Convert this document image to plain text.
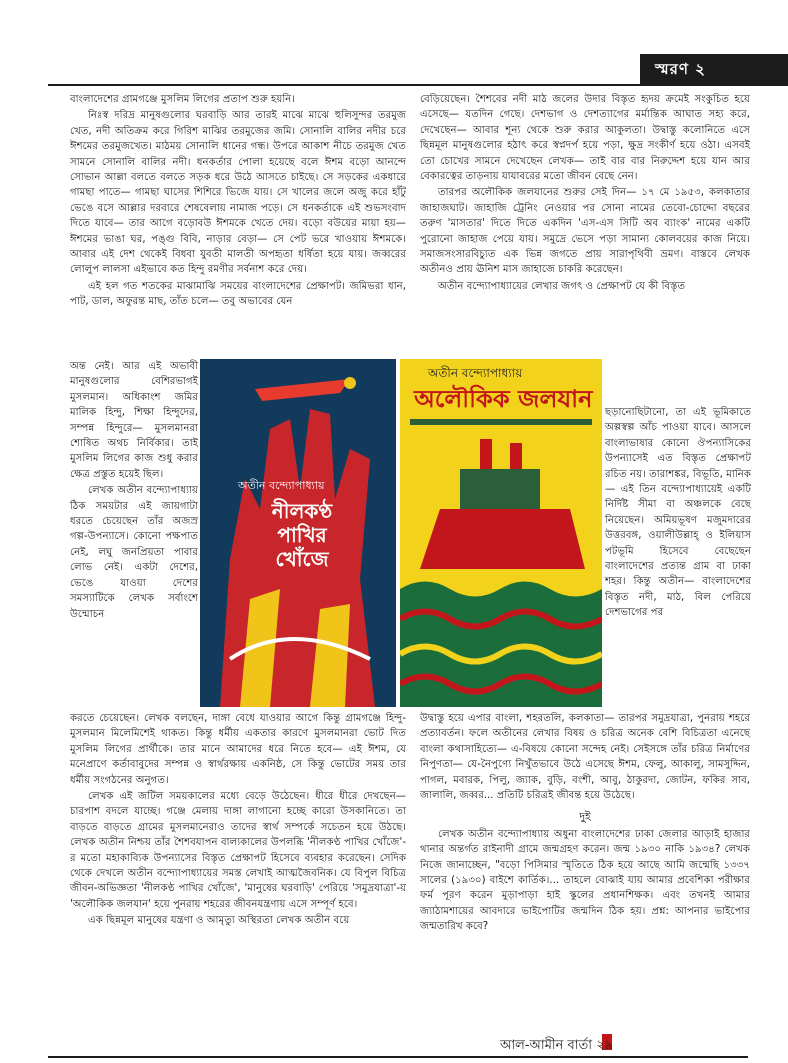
স্মরণ ২

বাংলাদেশের গ্রামগঞ্জে মুসলিম লিগের প্রতাপ শুরু হয়নি।

নিঃস্ব দরিদ্র মানুষগুলোর ঘরবাড়ি আর তারই মাঝে মাঝে হুলিসুন্দর তরমুজ খেত, নদী অতিক্রম করে গিরিশ মাঝির তরমুজের জমি। সোনালি বালির নদীর চরে ঈশমের তরমুজখেত। মাঠময় সোনালি ধানের গন্ধ। উপরে আকাশ নীচে তরমুজ খেত সামনে সোনালি বালির নদী। ধনকর্তার পোলা হয়েছে বলে ঈশম বড়ো আনন্দে সোভান আল্লা বলতে বলতে সড়ক ধরে উঠে আসতে চাইছে। সে সড়কের একধারে গামছা পাতে— গামছা ঘাসের শিশিরে ভিজে যায়। সে খালের জলে অজু করে হাঁটু ভেঙে বসে আল্লার দরবারে শেষবেলায় নামাজ পড়ে। সে ধনকর্তাকে এই শুভসংবাদ দিতে যাবে— তার আগে বড়োবউ ঈশমকে খেতে দেয়। বড়ো বউয়ের মায়া হয়— ঈশমের ভাঙা ঘর, পঙ্গু বিবি, নাড়ার বেড়া— সে পেট ভরে খাওয়ায় ঈশমকে। আবার এই দেশ থেকেই বিধবা যুবতী মালতী অপহৃতা ধর্ষিতা হয়ে যায়। জব্বরের লোলুপ লালসা এইভাবে কত হিন্দু রমণীর সর্বনাশ করে দেয়।

এই হল গত শতকের মাঝামাঝি সময়ের বাংলাদেশের প্রেক্ষাপট। জমিভরা ধান, পাট, ডাল, অফুরন্ত মাছ, তাঁত চলে— তবু অভাবের যেন

অন্ত নেই। আর এই অভাবী মানুষগুলোর বেশিরভাগই মুসলমান। অধিকাংশ জমির মালিক হিন্দু, শিক্ষা হিন্দুদের, সম্পন্ন হিন্দুরে— মুসলমানরা শোষিত অথচ নির্বিকার। তাই মুসলিম লিগের কাজ শুধু করার ক্ষেত্র প্রস্তুত হয়েই ছিল।

লেখক অতীন বন্দ্যোপাধ্যায় ঠিক সময়টার এই জায়গাটা ধরতে চেয়েছেন তাঁর অজস্র গল্প-উপন্যাসে। কোনো পক্ষপাত নেই, লঘু জনপ্রিয়তা পাবার লোভ নেই। একটা দেশের, ভেঙে যাওয়া দেশের সমস্যাটিকে লেখক সর্বাংশে উন্মোচন

অতীন বন্দ্যোপাধ্যায়
নীলকণ্ঠ
পাখির
খোঁজে
অতীন বন্দ্যোপাধ্যায়
অলৌকিক জলযান

করতে চেয়েছেন। লেখক বলছেন, দাঙ্গা বেধে যাওয়ার আগে কিন্তু গ্রামগঞ্জে হিন্দু-মুসলমান মিলেমিশেই থাকত। কিন্তু ধর্মীয় একতার কারণে মুসলমানরা ভোট দিত মুসলিম লিগের প্রার্থীকে। তার মানে আমাদের ধরে নিতে হবে— এই ঈশম, যে মনেপ্রাণে কর্তাবাবুদের সম্পন্ন ও স্বার্থরক্ষায় একনিষ্ঠ, সে কিন্তু ভোটের সময় তার ধর্মীয় সংগঠনের অনুগত।

লেখক এই জটিল সময়কালের মধ্যে বেড়ে উঠেছেন। ধীরে ধীরে দেখছেন— চারপাশ বদলে যাচ্ছে। গঞ্জে মেলায় দাঙ্গা লাগানো হচ্ছে কারো উসকানিতে। তা বাড়তে বাড়তে গ্রামের মুসলমানেরাও তাদের স্বার্থ সম্পর্কে সচেতন হয়ে উঠছে। লেখক অতীন নিশ্চয় তাঁর শৈশবযাপন বাল্যকালের উপলব্ধি 'নীলকণ্ঠ পাখির খোঁজে'-র মতো মহাকাব্যিক উপন্যাসের বিস্তৃত প্রেক্ষাপট হিসেবে ব্যবহার করেছেন। সেদিক থেকে দেখলে অতীন বন্দ্যোপাধ্যায়ের সমস্ত লেখাই আত্মজৈবনিক। যে বিপুল বিচিত্র জীবন-অভিজ্ঞতা 'নীলকণ্ঠ পাখির খোঁজে', 'মানুষের ঘরবাড়ি' পেরিয়ে 'সমুদ্রযাত্রা'-য় 'অলৌকিক জলযান' হয়ে পুনরায় শহরের জীবনযন্ত্রণায় এসে সম্পূর্ণ হবে।

এক ছিন্নমূল মানুষের যন্ত্রণা ও আমৃত্যু অস্থিরতা লেখক অতীন বয়ে

বেড়িয়েছেন। শৈশবের নদী মাঠ জলের উদার বিস্তৃত হৃদয় ক্রমেই সংকুচিত হয়ে এসেছে— যতদিন গেছে। দেশভাগ ও দেশত্যাগের মর্মান্তিক আঘাত সহ্য করে, দেখেছেন— আবার শূন্য থেকে শুরু করার আকুলতা। উদ্বাস্তু কলোনিতে এসে ছিন্নমূল মানুষগুলোর হঠাৎ করে স্বপ্নদর্প হয়ে পড়া, ক্ষুদ্র সংকীর্ণ হয়ে ওঠা। এসবই তো চোখের সামনে দেখেছেন লেখক— তাই বার বার নিরুদ্দেশ হয়ে যান আর বেকারত্বের তাড়নায় যাযাবরের মতো জীবন বেছে নেন।

তারপর অলৌকিক জলযানের শুরুর সেই দিন— ১৭ মে ১৯৫৩, কলকাতার জাহাজঘাট। জাহাজি ট্রেনিং নেওয়ার পর সোনা নামের তেবো-চোদ্দো বছরের তরুণ 'মাসতার' দিতে দিতে একদিন 'এস-এস সিটি অব ব্যাংক' নামের একটি পুরোনো জাহাজ পেয়ে যায়। সমুদ্রে ভেসে পড়া সামান্য কোলবয়ের কাজ নিয়ে। সমাজসংসারবিচ্যুত এক ভিন্ন জগতে প্রায় সারাপৃথিবী ভ্রমণ। বাস্তবে লেখক অতীনও প্রায় ঊনিশ মাস জাহাজে চাকরি করেছেন।

অতীন বন্দ্যোপাধ্যায়ের লেখার জগৎ ও প্রেক্ষাপট যে কী বিস্তৃত

ছড়ানোছিটানো, তা এই ভূমিকাতে অল্পস্বল্প আঁচ পাওয়া যাবে। আসলে বাংলাভাষার কোনো ঔপন্যাসিকের উপন্যাসেই এত বিস্তৃত প্রেক্ষাপট রচিত নয়। তারাশঙ্কর, বিভূতি, মানিক— এই তিন বন্দ্যোপাধ্যায়েই একটি নির্দিষ্ট সীমা বা অঞ্চলকে বেছে নিয়েছেন। অমিয়ভূষণ মজুমদারের উত্তরবঙ্গ, ওয়ালীউল্লাহ্‌ ও ইলিয়াস পটভূমি হিসেবে বেছেছেন বাংলাদেশের প্রত্যন্ত গ্রাম বা ঢাকা শহর। কিন্তু অতীন— বাংলাদেশের বিস্তৃত নদী, মাঠ, বিল পেরিয়ে দেশভাগের পর

উদ্বাস্তু হয়ে এপার বাংলা, শহরতলি, কলকাতা— তারপর সমুদ্রযাত্রা, পুনরায় শহরে প্রত্যাবর্তন। ফলে অতীনের লেখার বিষয় ও চরিত্র অনেক বেশি বিচিত্রতা এনেছে বাংলা কথাসাহিত্যে— এ-বিষয়ে কোনো সন্দেহ নেই। সেইসঙ্গে তাঁর চরিত্র নির্মাণের নিপুণতা— যে-নৈপুণ্যে নিখুঁতভাবে উঠে এসেছে ঈশম, ফেলু, আকালু, সামসুদ্দিন, পাগল, মবারক, পিলু, জ্যাক, বুড়ি, বংশী, আবু, ঠাকুরদা, জোটন, ফকির সাব, জালালি, জব্বর... প্রতিটি চরিত্রই জীবন্ত হয়ে উঠেছে।

দুই

লেখক অতীন বন্দ্যোপাধ্যায় অধুনা বাংলাদেশের ঢাকা জেলার আড়াই হাজার থানার অন্তর্গত রাইনাদী গ্রামে জন্মগ্রহণ করেন। জন্ম ১৯৩০ নাকি ১৯৩৪? লেখক নিজে জানাচ্ছেন, "বড়ো পিসিমার স্মৃতিতে ঠিক হয়ে আছে আমি জন্মেছি ১৩৩৭ সালের (১৯৩০) বাইশে কার্তিক।... তাহলে বোঝাই যায় আমার প্রবেশিকা পরীক্ষার ফর্ম পূরণ করেন মুড়াপাড়া হাই স্কুলের প্রধানশিক্ষক। এবং তখনই আমার জ্যাঠামশায়ের আবদারে ভাইপোটির জন্মদিন ঠিক হয়। প্রশ্ন: আপনার ভাইপোর জন্মতারিখ কবে?

আল-আমীন বার্তা ২৯
